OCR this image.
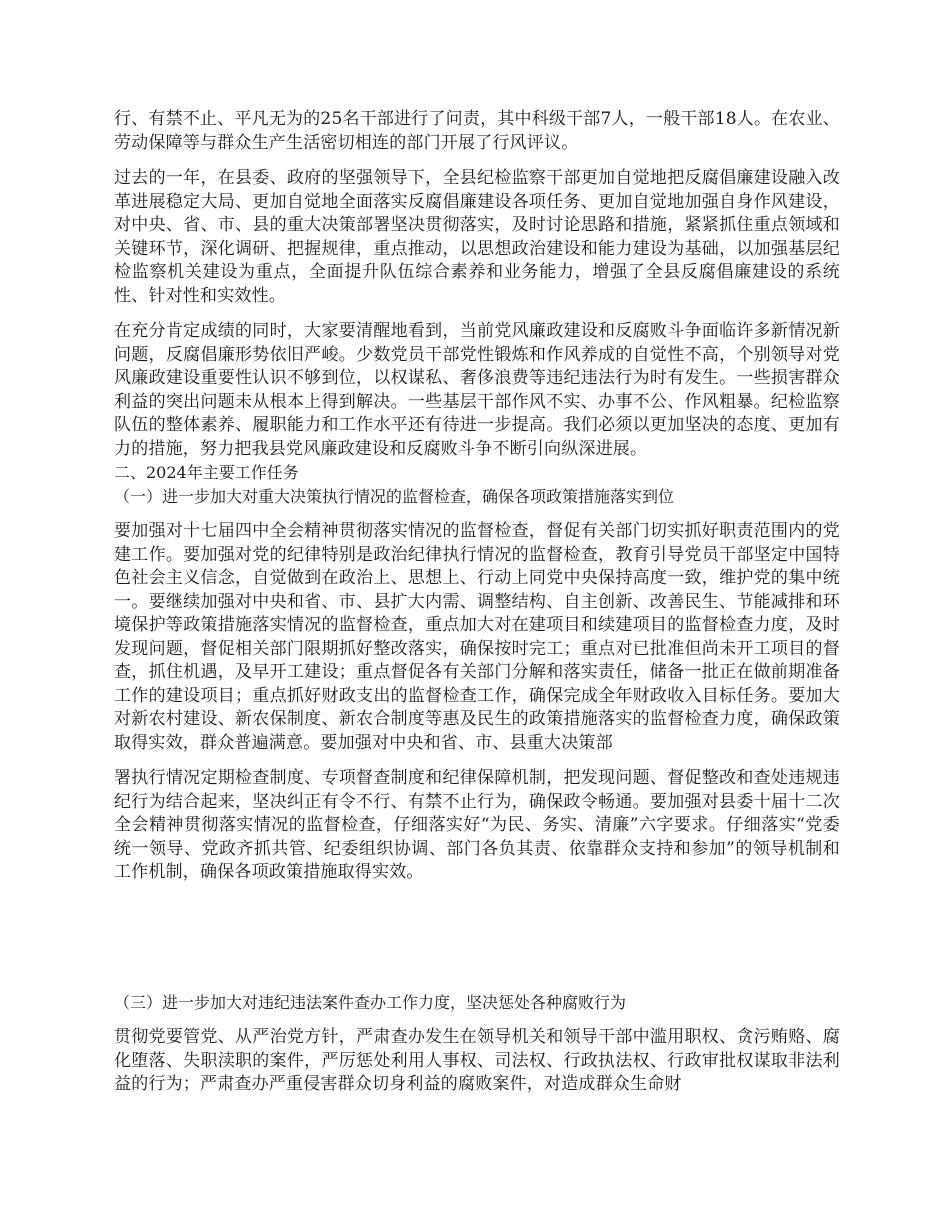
行、有禁不止、平凡无为的25名干部进行了问责，其中科级干部7人，一般干部18人。在农业、劳动保障等与群众生产生活密切相连的部门开展了行风评议。

过去的一年，在县委、政府的坚强领导下，全县纪检监察干部更加自觉地把反腐倡廉建设融入改革进展稳定大局、更加自觉地全面落实反腐倡廉建设各项任务、更加自觉地加强自身作风建设，对中央、省、市、县的重大决策部署坚决贯彻落实，及时讨论思路和措施，紧紧抓住重点领域和关键环节，深化调研、把握规律，重点推动，以思想政治建设和能力建设为基础，以加强基层纪检监察机关建设为重点，全面提升队伍综合素养和业务能力，增强了全县反腐倡廉建设的系统性、针对性和实效性。

在充分肯定成绩的同时，大家要清醒地看到，当前党风廉政建设和反腐败斗争面临许多新情况新问题，反腐倡廉形势依旧严峻。少数党员干部党性锻炼和作风养成的自觉性不高，个别领导对党风廉政建设重要性认识不够到位，以权谋私、奢侈浪费等违纪违法行为时有发生。一些损害群众利益的突出问题未从根本上得到解决。一些基层干部作风不实、办事不公、作风粗暴。纪检监察队伍的整体素养、履职能力和工作水平还有待进一步提高。我们必须以更加坚决的态度、更加有力的措施，努力把我县党风廉政建设和反腐败斗争不断引向纵深进展。

二、2024年主要工作任务

（一）进一步加大对重大决策执行情况的监督检查，确保各项政策措施落实到位

要加强对十七届四中全会精神贯彻落实情况的监督检查，督促有关部门切实抓好职责范围内的党建工作。要加强对党的纪律特别是政治纪律执行情况的监督检查，教育引导党员干部坚定中国特色社会主义信念，自觉做到在政治上、思想上、行动上同党中央保持高度一致，维护党的集中统一。要继续加强对中央和省、市、县扩大内需、调整结构、自主创新、改善民生、节能减排和环境保护等政策措施落实情况的监督检查，重点加大对在建项目和续建项目的监督检查力度，及时发现问题，督促相关部门限期抓好整改落实，确保按时完工；重点对已批准但尚未开工项目的督查，抓住机遇，及早开工建设；重点督促各有关部门分解和落实责任，储备一批正在做前期准备工作的建设项目；重点抓好财政支出的监督检查工作，确保完成全年财政收入目标任务。要加大对新农村建设、新农保制度、新农合制度等惠及民生的政策措施落实的监督检查力度，确保政策取得实效，群众普遍满意。要加强对中央和省、市、县重大决策部

署执行情况定期检查制度、专项督查制度和纪律保障机制，把发现问题、督促整改和查处违规违纪行为结合起来，坚决纠正有令不行、有禁不止行为，确保政令畅通。要加强对县委十届十二次全会精神贯彻落实情况的监督检查，仔细落实好“为民、务实、清廉”六字要求。仔细落实“党委统一领导、党政齐抓共管、纪委组织协调、部门各负其责、依靠群众支持和参加”的领导机制和工作机制，确保各项政策措施取得实效。

（三）进一步加大对违纪违法案件查办工作力度，坚决惩处各种腐败行为

贯彻党要管党、从严治党方针，严肃查办发生在领导机关和领导干部中滥用职权、贪污贿赂、腐化堕落、失职渎职的案件，严厉惩处利用人事权、司法权、行政执法权、行政审批权谋取非法利益的行为；严肃查办严重侵害群众切身利益的腐败案件，对造成群众生命财
